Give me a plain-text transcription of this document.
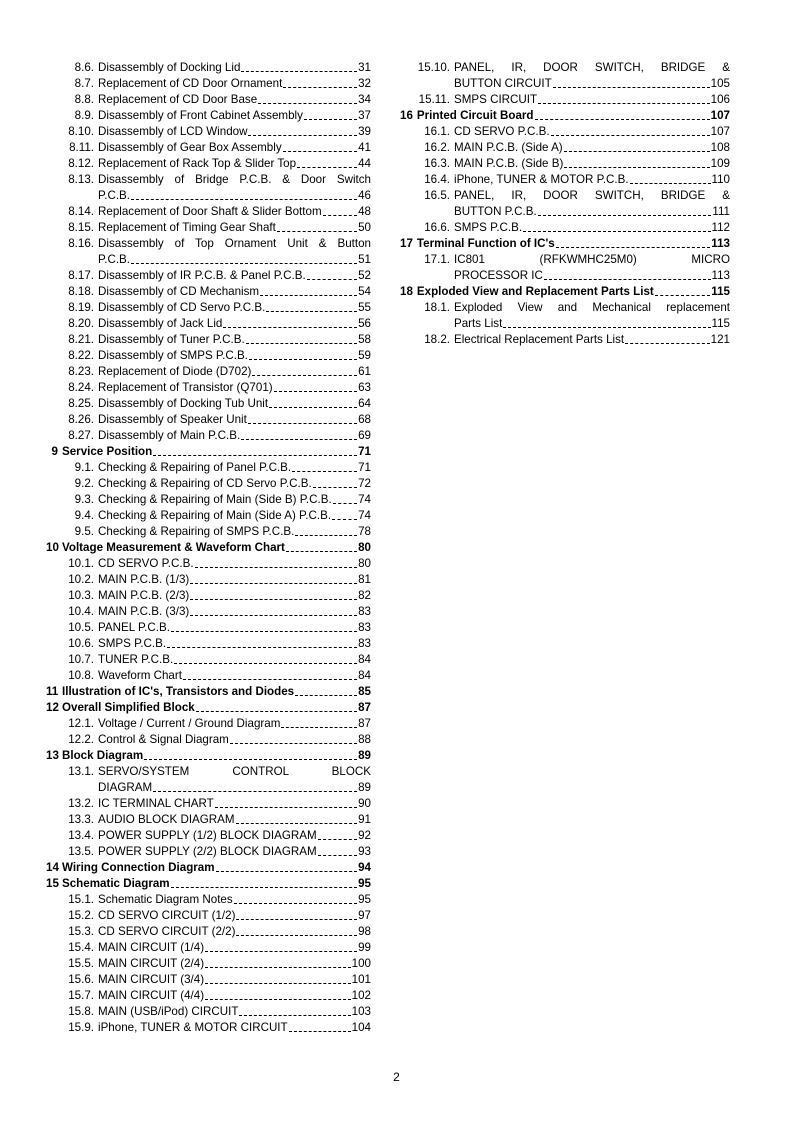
8.6. Disassembly of Docking Lid	31
8.7. Replacement of CD Door Ornament	32
8.8. Replacement of CD Door Base	34
8.9. Disassembly of Front Cabinet Assembly	37
8.10. Disassembly of LCD Window	39
8.11. Disassembly of Gear Box Assembly	41
8.12. Replacement of Rack Top & Slider Top	44
8.13. Disassembly of Bridge P.C.B. & Door Switch
P.C.B.	46
8.14. Replacement of Door Shaft & Slider Bottom	48
8.15. Replacement of Timing Gear Shaft	50
8.16. Disassembly of Top Ornament Unit & Button
P.C.B.	51
8.17. Disassembly of IR P.C.B. & Panel P.C.B.	52
8.18. Disassembly of CD Mechanism	54
8.19. Disassembly of CD Servo P.C.B.	55
8.20. Disassembly of Jack Lid	56
8.21. Disassembly of Tuner P.C.B.	58
8.22. Disassembly of SMPS P.C.B.	59
8.23. Replacement of Diode (D702)	61
8.24. Replacement of Transistor (Q701)	63
8.25. Disassembly of Docking Tub Unit	64
8.26. Disassembly of Speaker Unit	68
8.27. Disassembly of Main P.C.B.	69
9 Service Position	71
9.1. Checking & Repairing of Panel P.C.B.	71
9.2. Checking & Repairing of CD Servo P.C.B.	72
9.3. Checking & Repairing of Main (Side B) P.C.B. 74
9.4. Checking & Repairing of Main (Side A) P.C.B. 74
9.5. Checking & Repairing of SMPS P.C.B.	78
10 Voltage Measurement & Waveform Chart	80
10.1. CD SERVO P.C.B.	80
10.2. MAIN P.C.B. (1/3)	81
10.3. MAIN P.C.B. (2/3)	82
10.4. MAIN P.C.B. (3/3)	83
10.5. PANEL P.C.B.	83
10.6. SMPS P.C.B.	83
10.7. TUNER P.C.B.	84
10.8. Waveform Chart	84
11 Illustration of IC's, Transistors and Diodes	85
12 Overall Simplified Block	87
12.1. Voltage / Current / Ground Diagram	87
12.2. Control & Signal Diagram	88
13 Block Diagram	89
13.1. SERVO/SYSTEM CONTROL BLOCK
DIAGRAM	89
13.2. IC TERMINAL CHART	90
13.3. AUDIO BLOCK DIAGRAM	91
13.4. POWER SUPPLY (1/2) BLOCK DIAGRAM	92
13.5. POWER SUPPLY (2/2) BLOCK DIAGRAM	93
14 Wiring Connection Diagram	94
15 Schematic Diagram	95
15.1. Schematic Diagram Notes	95
15.2. CD SERVO CIRCUIT (1/2)	97
15.3. CD SERVO CIRCUIT (2/2)	98
15.4. MAIN CIRCUIT (1/4)	99
15.5. MAIN CIRCUIT (2/4)	100
15.6. MAIN CIRCUIT (3/4)	101
15.7. MAIN CIRCUIT (4/4)	102
15.8. MAIN (USB/iPod) CIRCUIT	103
15.9. iPhone, TUNER & MOTOR CIRCUIT	104
15.10. PANEL, IR, DOOR SWITCH, BRIDGE &
BUTTON CIRCUIT	105
15.11. SMPS CIRCUIT	106
16 Printed Circuit Board	107
16.1. CD SERVO P.C.B.	107
16.2. MAIN P.C.B. (Side A)	108
16.3. MAIN P.C.B. (Side B)	109
16.4. iPhone, TUNER & MOTOR P.C.B.	110
16.5. PANEL, IR, DOOR SWITCH, BRIDGE &
BUTTON P.C.B.	111
16.6. SMPS P.C.B.	112
17 Terminal Function of IC's	113
17.1. IC801 (RFKWMHC25M0) MICRO
PROCESSOR IC	113
18 Exploded View and Replacement Parts List	115
18.1. Exploded View and Mechanical replacement
Parts List	115
18.2. Electrical Replacement Parts List	121
2
